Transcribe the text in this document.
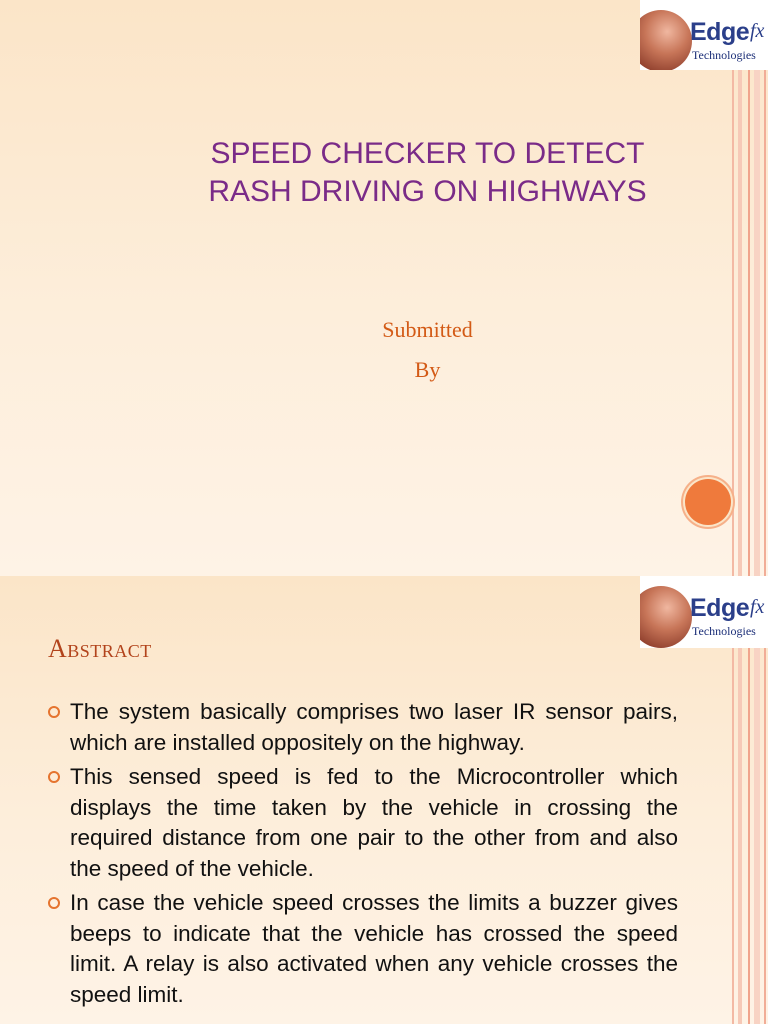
Edge fx
Technologies
SPEED CHECKER TO DETECT
RASH DRIVING ON HIGHWAYS
Submitted
By
Edge fx
Technologies
Abstract
The system basically comprises two laser IR sensor pairs, which are installed oppositely on the highway.
This sensed speed is fed to the Microcontroller which displays the time taken by the vehicle in crossing the required distance from one pair to the other from and also the speed of the vehicle.
In case the vehicle speed crosses the limits a buzzer gives beeps to indicate that the vehicle has crossed the speed limit. A relay is also activated when any vehicle crosses the speed limit.
